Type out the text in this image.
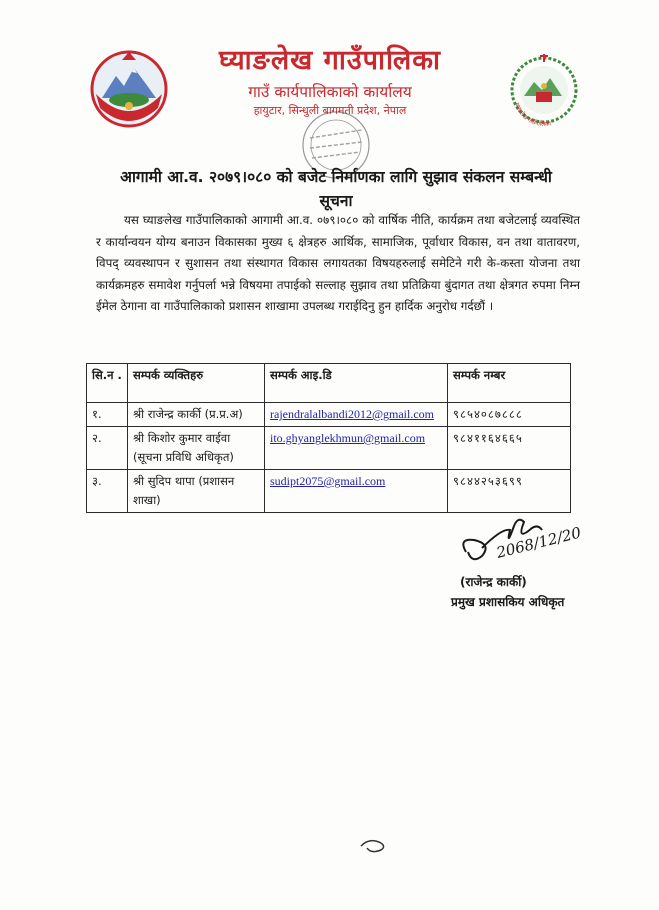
घ्याङलेख गाउँपालिका
गाउँ कार्यपालिकाको कार्यालय
हायुटार, सिन्धुली बागमती प्रदेश, नेपाल
घ्याङलेख गाउँपालिका
आगामी आ.व. २०७९।०८० को बजेट निर्माणका लागि सुझाव संकलन सम्बन्धी
सूचना
यस घ्याङलेख गाउँपालिकाको आगामी आ.व. ०७९।०८० को वार्षिक नीति, कार्यक्रम तथा बजेटलाई व्यवस्थित र कार्यान्वयन योग्य बनाउन विकासका मुख्य ६ क्षेत्रहरु आर्थिक, सामाजिक, पूर्वाधार विकास, वन तथा वातावरण, विपद् व्यवस्थापन र सुशासन तथा संस्थागत विकास लगायतका विषयहरुलाई समेटिने गरी के-कस्ता योजना तथा कार्यक्रमहरु समावेश गर्नुपर्ला भन्ने विषयमा तपाईको सल्लाह सुझाव तथा प्रतिक्रिया बुंदागत तथा क्षेत्रगत रुपमा निम्न ईमेल ठेगाना वा गाउँपालिकाको प्रशासन शाखामा उपलब्ध गराईदिनु हुन हार्दिक अनुरोध गर्दछौं ।
सि.न .	सम्पर्क व्यक्तिहरु	सम्पर्क आइ.डि	सम्पर्क नम्बर
१.	श्री राजेन्द्र कार्की (प्र.प्र.अ)	rajendralalbandi2012@gmail.com	९८५४०८७८८८
२.	श्री किशोर कुमार वाईवा (सूचना प्रविधि अधिकृत)	ito.ghyanglekhmun@gmail.com	९८४११६४६६५
३.	श्री सुदिप थापा (प्रशासन शाखा)	sudipt2075@gmail.com	९८४४२५३६९९
2068/12/20
(राजेन्द्र कार्की)
प्रमुख प्रशासकिय अधिकृत
